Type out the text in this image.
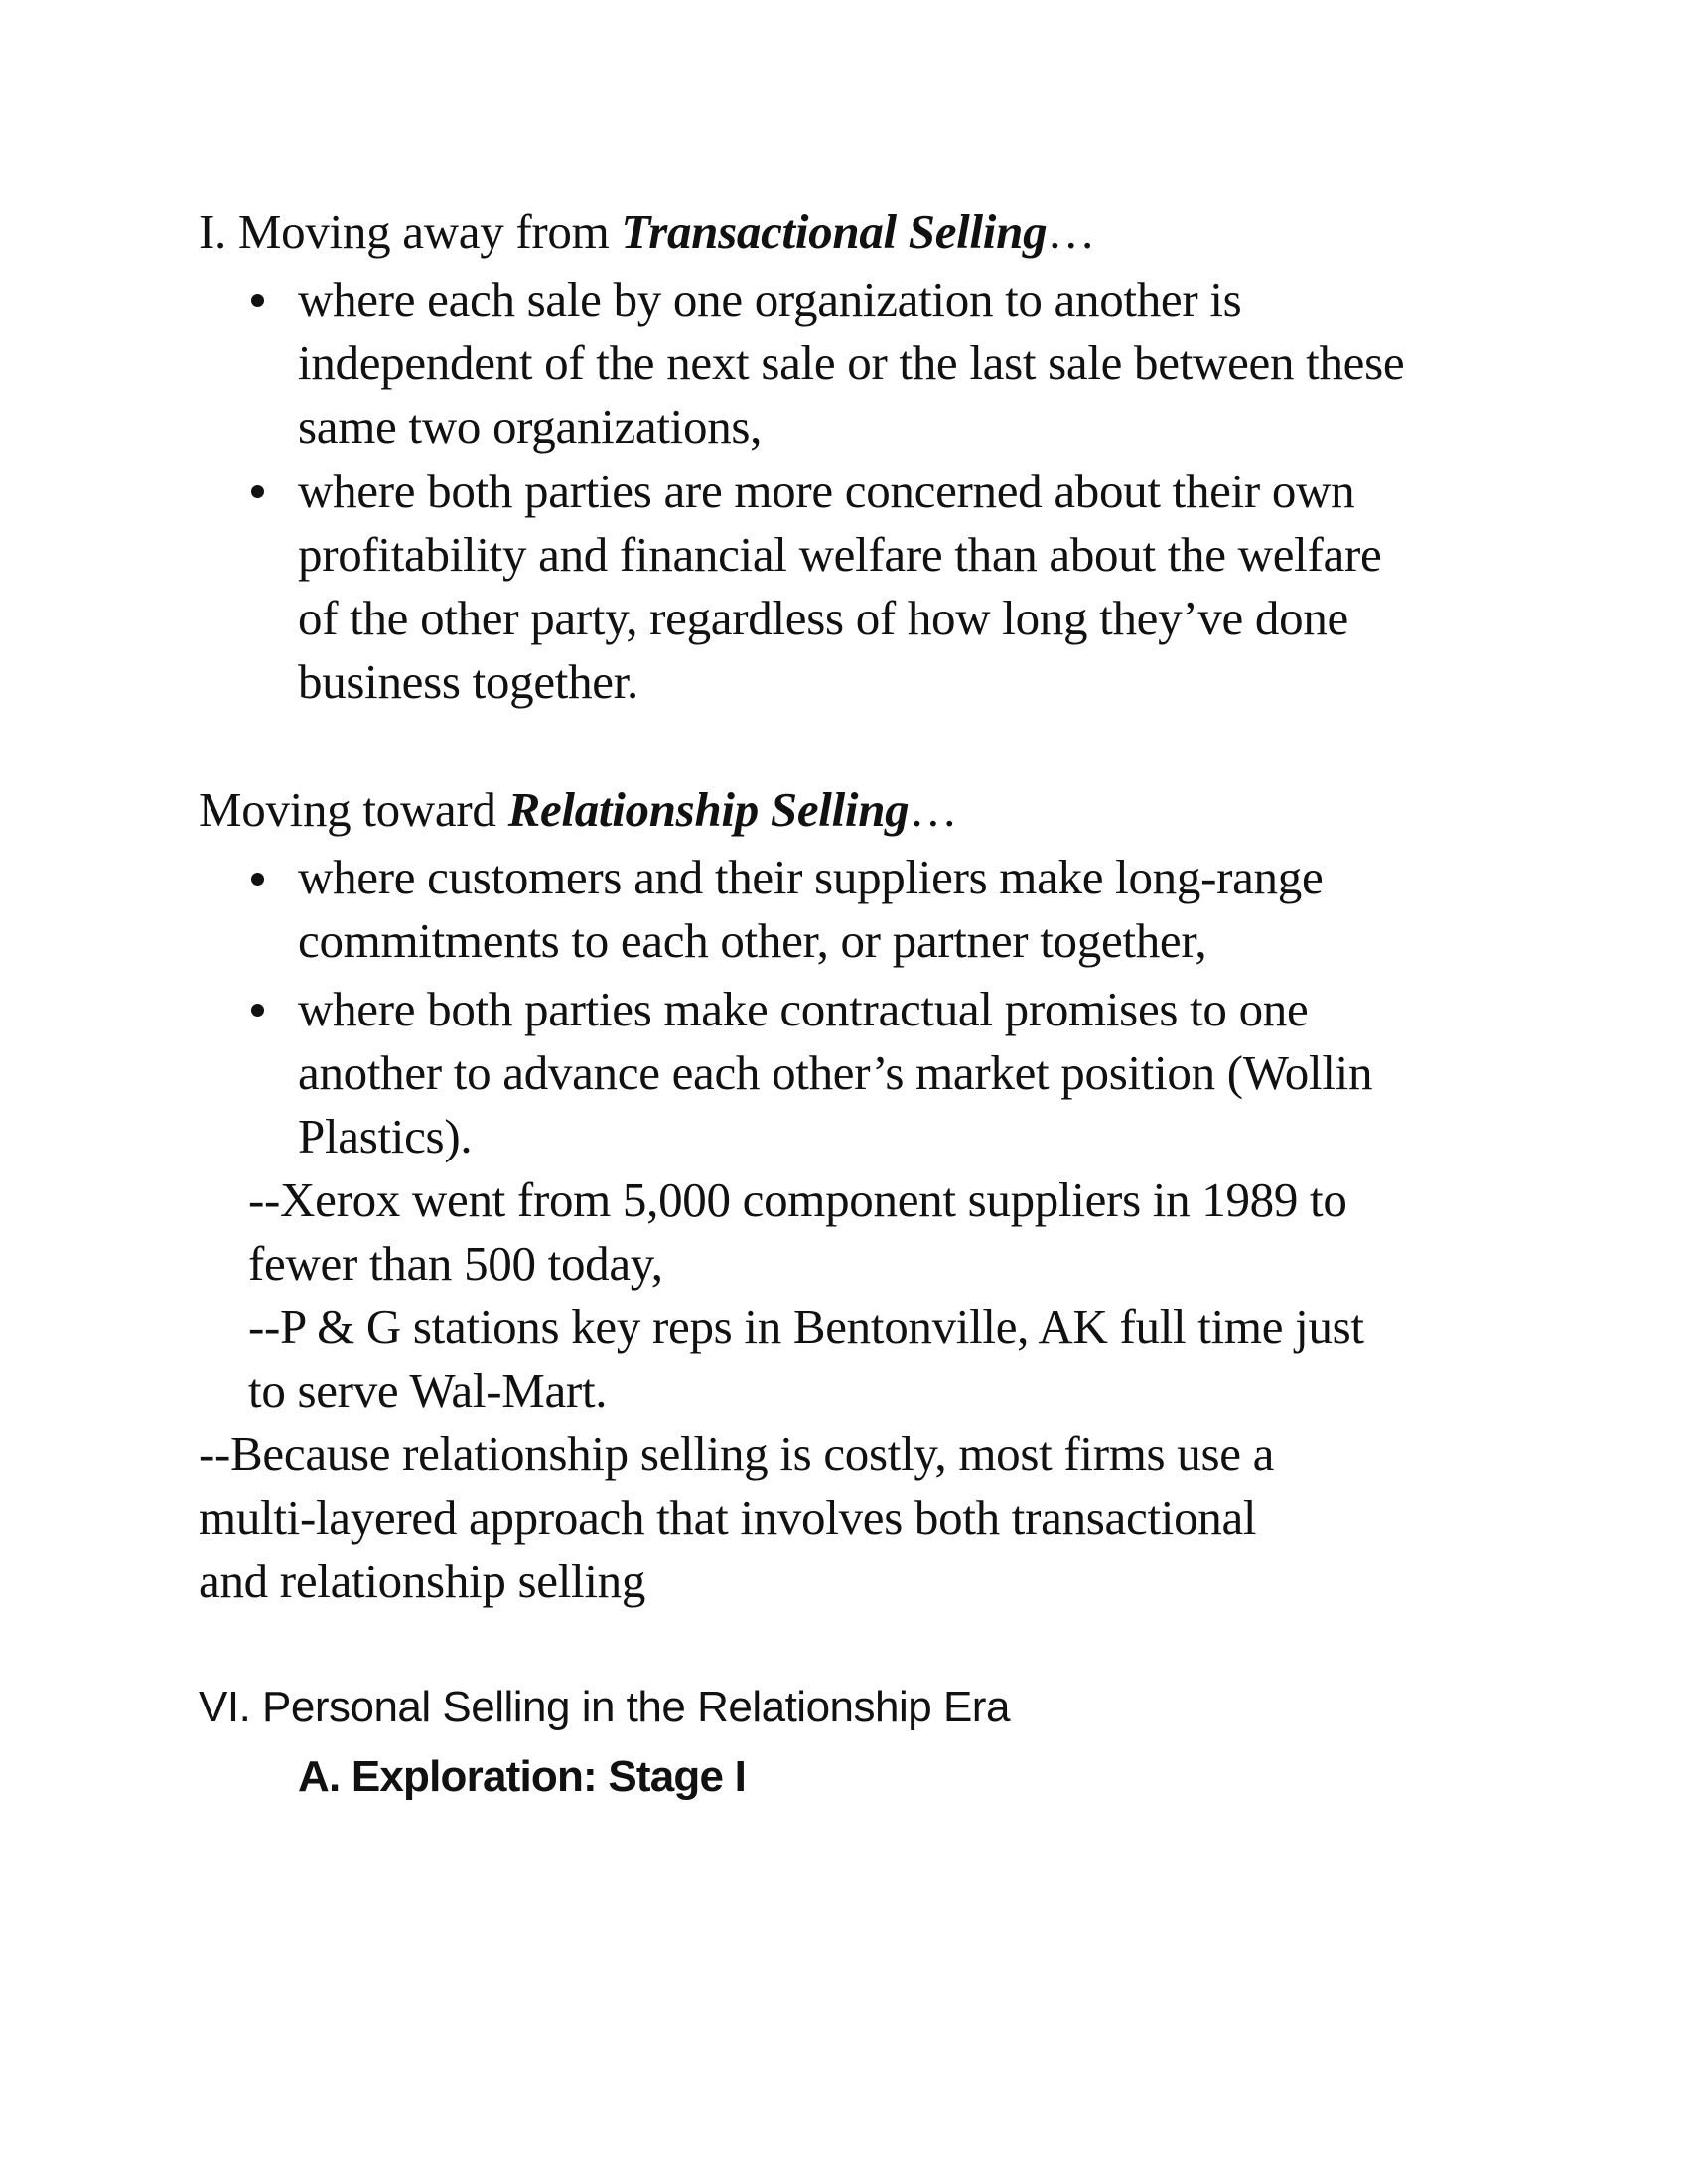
I. Moving away from Transactional Selling…
where each sale by one organization to another is
independent of the next sale or the last sale between these
same two organizations,
where both parties are more concerned about their own
profitability and financial welfare than about the welfare
of the other party, regardless of how long they’ve done
business together.
Moving toward Relationship Selling…
where customers and their suppliers make long-range
commitments to each other, or partner together,
where both parties make contractual promises to one
another to advance each other’s market position (Wollin
Plastics).
--Xerox went from 5,000 component suppliers in 1989 to
fewer than 500 today,
--P & G stations key reps in Bentonville, AK full time just
to serve Wal-Mart.
--Because relationship selling is costly, most firms use a
multi-layered approach that involves both transactional
and relationship selling
VI. Personal Selling in the Relationship Era
A. Exploration: Stage I
